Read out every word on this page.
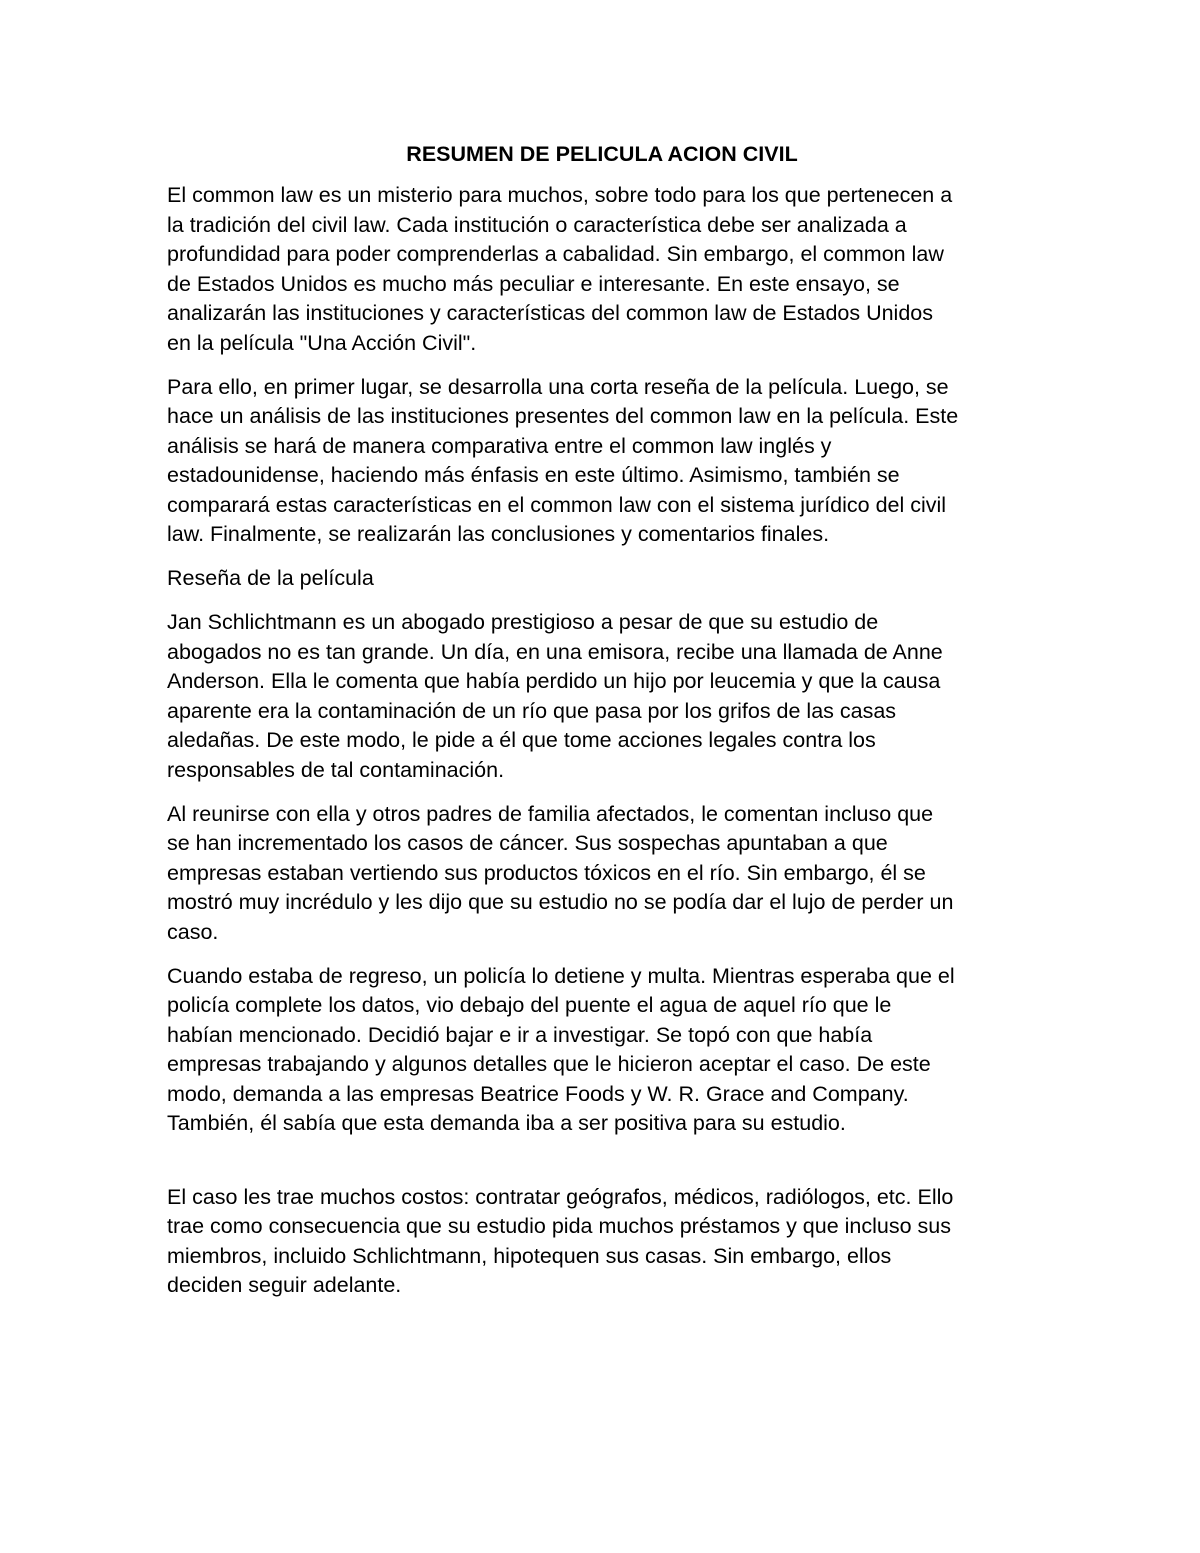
RESUMEN DE PELICULA ACION CIVIL
El common law es un misterio para muchos, sobre todo para los que pertenecen a
la tradición del civil law. Cada institución o característica debe ser analizada a
profundidad para poder comprenderlas a cabalidad. Sin embargo, el common law
de Estados Unidos es mucho más peculiar e interesante. En este ensayo, se
analizarán las instituciones y características del common law de Estados Unidos
en la película "Una Acción Civil".
Para ello, en primer lugar, se desarrolla una corta reseña de la película. Luego, se
hace un análisis de las instituciones presentes del common law en la película. Este
análisis se hará de manera comparativa entre el common law inglés y
estadounidense, haciendo más énfasis en este último. Asimismo, también se
comparará estas características en el common law con el sistema jurídico del civil
law. Finalmente, se realizarán las conclusiones y comentarios finales.
Reseña de la película
Jan Schlichtmann es un abogado prestigioso a pesar de que su estudio de
abogados no es tan grande. Un día, en una emisora, recibe una llamada de Anne
Anderson. Ella le comenta que había perdido un hijo por leucemia y que la causa
aparente era la contaminación de un río que pasa por los grifos de las casas
aledañas. De este modo, le pide a él que tome acciones legales contra los
responsables de tal contaminación.
Al reunirse con ella y otros padres de familia afectados, le comentan incluso que
se han incrementado los casos de cáncer. Sus sospechas apuntaban a que
empresas estaban vertiendo sus productos tóxicos en el río. Sin embargo, él se
mostró muy incrédulo y les dijo que su estudio no se podía dar el lujo de perder un
caso.
Cuando estaba de regreso, un policía lo detiene y multa. Mientras esperaba que el
policía complete los datos, vio debajo del puente el agua de aquel río que le
habían mencionado. Decidió bajar e ir a investigar. Se topó con que había
empresas trabajando y algunos detalles que le hicieron aceptar el caso. De este
modo, demanda a las empresas Beatrice Foods y W. R. Grace and Company.
También, él sabía que esta demanda iba a ser positiva para su estudio.
El caso les trae muchos costos: contratar geógrafos, médicos, radiólogos, etc. Ello
trae como consecuencia que su estudio pida muchos préstamos y que incluso sus
miembros, incluido Schlichtmann, hipotequen sus casas. Sin embargo, ellos
deciden seguir adelante.
